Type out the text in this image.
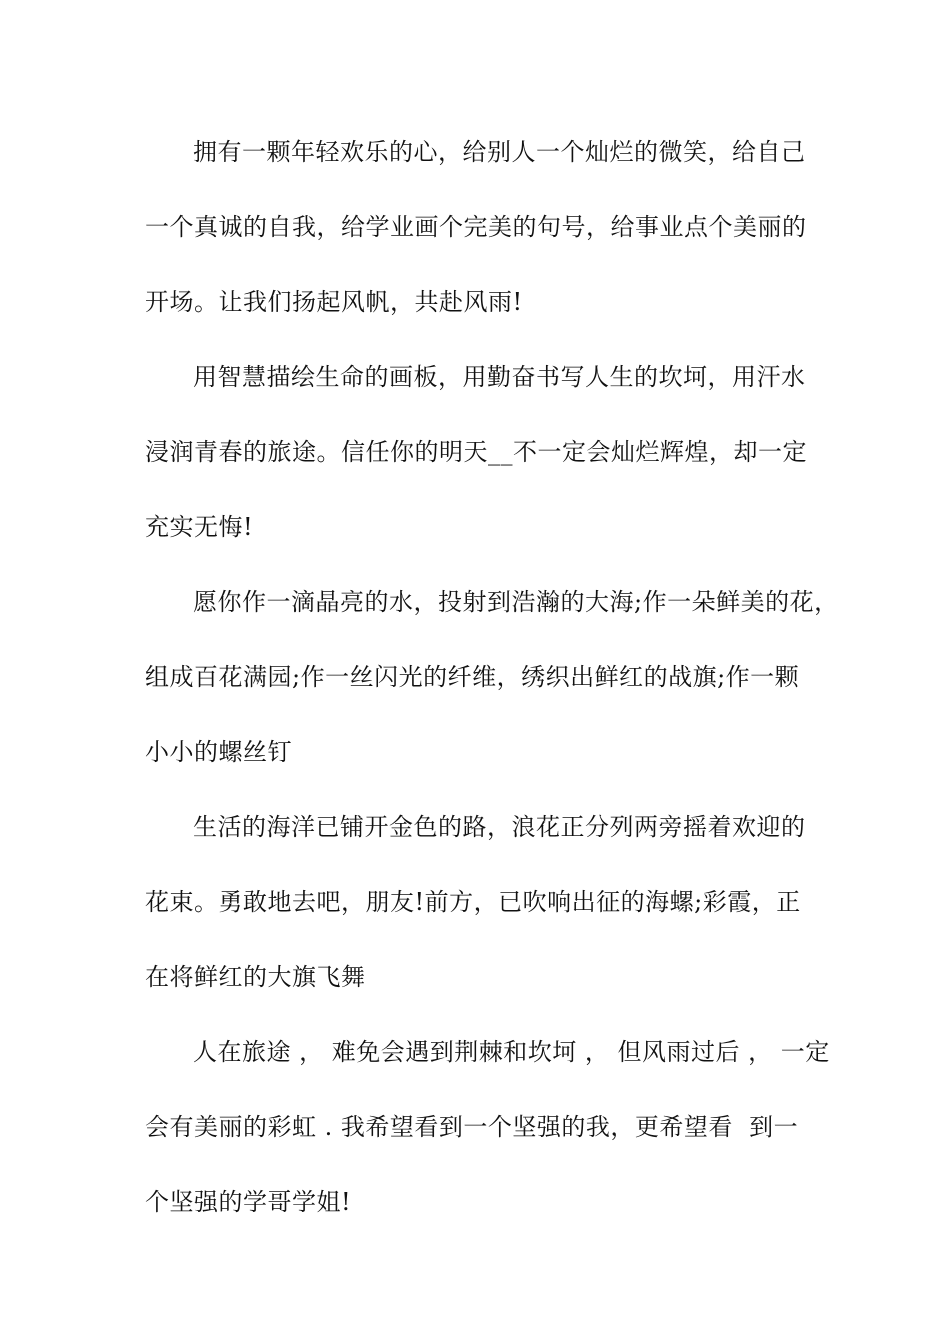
拥有一颗年轻欢乐的心，给别人一个灿烂的微笑，给自己
一个真诚的自我，给学业画个完美的句号，给事业点个美丽的
开场。让我们扬起风帆，共赴风雨!
用智慧描绘生命的画板，用勤奋书写人生的坎坷，用汗水
浸润青春的旅途。信任你的明天__不一定会灿烂辉煌，却一定
充实无悔!
愿你作一滴晶亮的水，投射到浩瀚的大海;作一朵鲜美的花，
组成百花满园;作一丝闪光的纤维，绣织出鲜红的战旗;作一颗
小小的螺丝钉
生活的海洋已铺开金色的路，浪花正分列两旁摇着欢迎的
花束。勇敢地去吧，朋友!前方，已吹响出征的海螺;彩霞，正
在将鲜红的大旗飞舞
人在旅途 ， 难免会遇到荆棘和坎坷 ， 但风雨过后 ， 一定
会有美丽的彩虹 . 我希望看到一个坚强的我，更希望看  到一
个坚强的学哥学姐!
